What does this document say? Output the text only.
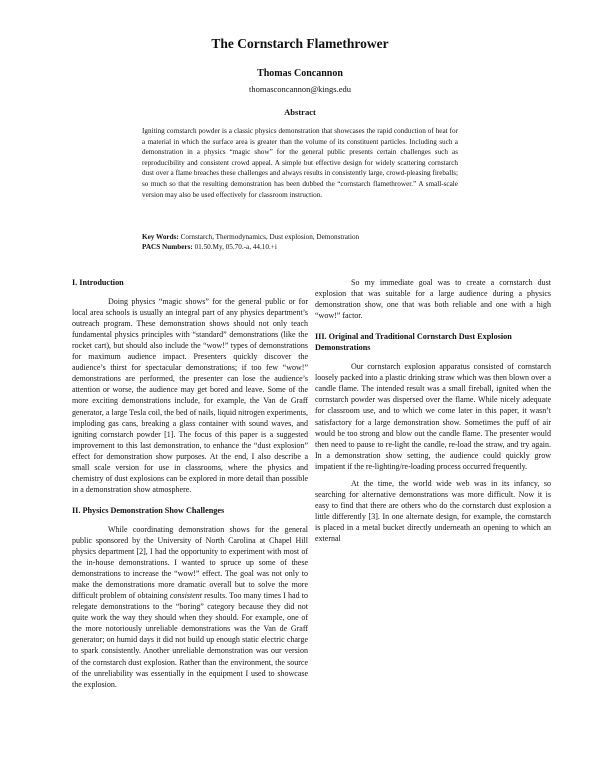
The Cornstarch Flamethrower
Thomas Concannon
thomasconcannon@kings.edu
Abstract
Igniting cornstarch powder is a classic physics demonstration that showcases the rapid conduction of heat for a material in which the surface area is greater than the volume of its constituent particles. Including such a demonstration in a physics “magic show” for the general public presents certain challenges such as reproducibility and consistent crowd appeal. A simple but effective design for widely scattering cornstarch dust over a flame breaches these challenges and always results in consistently large, crowd-pleasing fireballs; so much so that the resulting demonstration has been dubbed the “cornstarch flamethrower.” A small-scale version may also be used effectively for classroom instruction.
Key Words: Cornstarch, Thermodynamics, Dust explosion, Demonstration
PACS Numbers: 01.50.My, 05.70.-a, 44.10.+i
I. Introduction

Doing physics “magic shows” for the general public or for local area schools is usually an integral part of any physics department’s outreach program. These demonstration shows should not only teach fundamental physics principles with “standard” demonstrations (like the rocket cart), but should also include the “wow!” types of demonstrations for maximum audience impact. Presenters quickly discover the audience’s thirst for spectacular demonstrations; if too few “wow!” demonstrations are performed, the presenter can lose the audience’s attention or worse, the audience may get bored and leave. Some of the more exciting demonstrations include, for example, the Van de Graff generator, a large Tesla coil, the bed of nails, liquid nitrogen experiments, imploding gas cans, breaking a glass container with sound waves, and igniting cornstarch powder [1]. The focus of this paper is a suggested improvement to this last demonstration, to enhance the “dust explosion” effect for demonstration show purposes. At the end, I also describe a small scale version for use in classrooms, where the physics and chemistry of dust explosions can be explored in more detail than possible in a demonstration show atmosphere.

II. Physics Demonstration Show Challenges

While coordinating demonstration shows for the general public sponsored by the University of North Carolina at Chapel Hill physics department [2], I had the opportunity to experiment with most of the in-house demonstrations. I wanted to spruce up some of these demonstrations to increase the “wow!” effect. The goal was not only to make the demonstrations more dramatic overall but to solve the more difficult problem of obtaining consistent results. Too many times I had to relegate demonstrations to the “boring” category because they did not quite work the way they should when they should. For example, one of the more notoriously unreliable demonstrations was the Van de Graff generator; on humid days it did not build up enough static electric charge to spark consistently. Another unreliable demonstration was our version of the cornstarch dust explosion. Rather than the environment, the source of the unreliability was essentially in the equipment I used to showcase the explosion.

So my immediate goal was to create a cornstarch dust explosion that was suitable for a large audience during a physics demonstration show, one that was both reliable and one with a high “wow!” factor.

III. Original and Traditional Cornstarch Dust Explosion Demonstrations

Our cornstarch explosion apparatus consisted of cornstarch loosely packed into a plastic drinking straw which was then blown over a candle flame. The intended result was a small fireball, ignited when the cornstarch powder was dispersed over the flame. While nicely adequate for classroom use, and to which we come later in this paper, it wasn’t satisfactory for a large demonstration show. Sometimes the puff of air would be too strong and blow out the candle flame. The presenter would then need to pause to re-light the candle, re-load the straw, and try again. In a demonstration show setting, the audience could quickly grow impatient if the re-lighting/re-loading process occurred frequently.

At the time, the world wide web was in its infancy, so searching for alternative demonstrations was more difficult. Now it is easy to find that there are others who do the cornstarch dust explosion a little differently [3]. In one alternate design, for example, the cornstarch is placed in a metal bucket directly underneath an opening to which an external
